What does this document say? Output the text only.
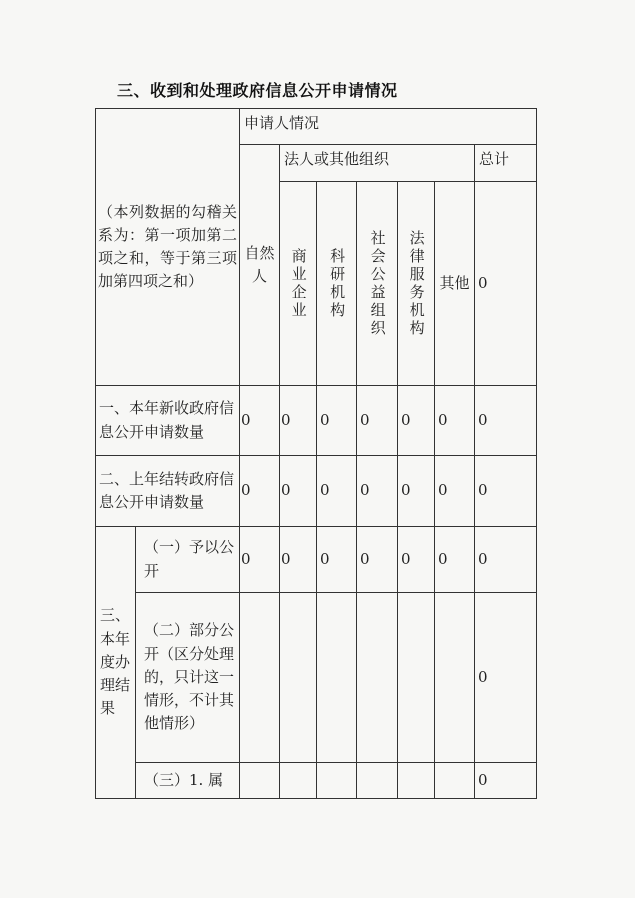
三、收到和处理政府信息公开申请情况
（本列数据的勾稽关系为：第一项加第二项之和，等于第三项加第四项之和）		申请人情况						
		自然人	法人或其他组织					总计

			商业企业	科研机构	社会公益组织	法律服务机构	其他	0
一、本年新收政府信息公开申请数量		0	0	0	0	0	0	0
二、上年结转政府信息公开申请数量		0	0	0	0	0	0	0
三、本年度办理结果	（一）予以公开	0	0	0	0	0	0	0
	（二）部分公开（区分处理的，只计这一情形，不计其他情形）							0
	（三）1. 属							0
